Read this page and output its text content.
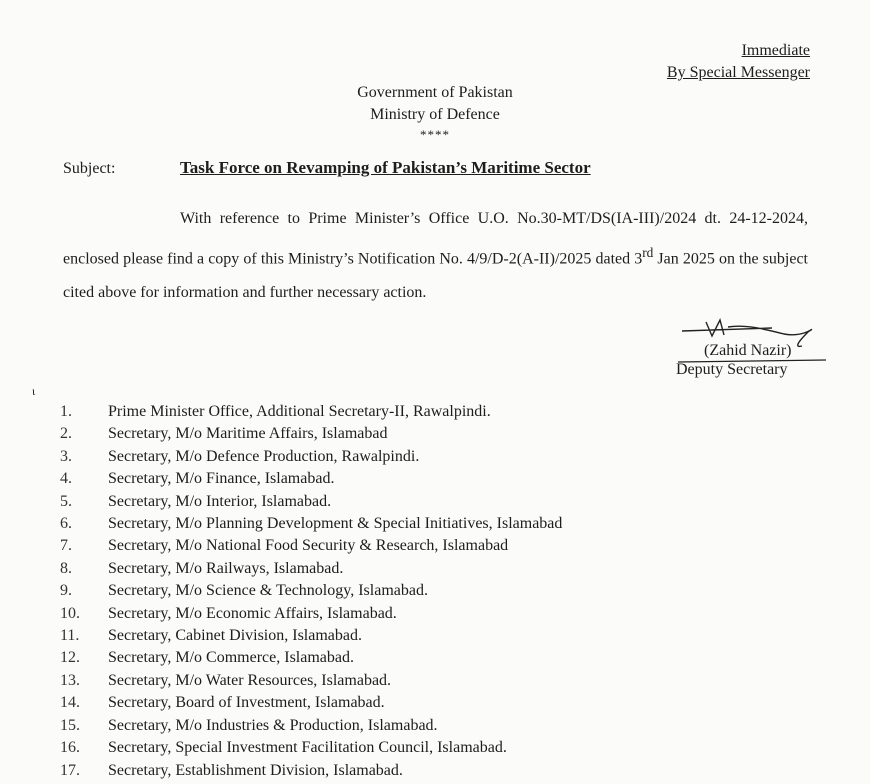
Immediate
By Special Messenger
Government of Pakistan
Ministry of Defence
****
Subject:	Task Force on Revamping of Pakistan’s Maritime Sector
With reference to Prime Minister’s Office U.O. No.30-MT/DS(IA-III)/2024 dt. 24-12-2024, enclosed please find a copy of this Ministry’s Notification No. 4/9/D-2(A-II)/2025 dated 3rd Jan 2025 on the subject cited above for information and further necessary action.
(Zahid Nazir)
Deputy Secretary
ɩ
1.	Prime Minister Office, Additional Secretary-II, Rawalpindi.
2.	Secretary, M/o Maritime Affairs, Islamabad
3.	Secretary, M/o Defence Production, Rawalpindi.
4.	Secretary, M/o Finance, Islamabad.
5.	Secretary, M/o Interior, Islamabad.
6.	Secretary, M/o Planning Development & Special Initiatives, Islamabad
7.	Secretary, M/o National Food Security & Research, Islamabad
8.	Secretary, M/o Railways, Islamabad.
9.	Secretary, M/o Science & Technology, Islamabad.
10.	Secretary, M/o Economic Affairs, Islamabad.
11.	Secretary, Cabinet Division, Islamabad.
12.	Secretary, M/o Commerce, Islamabad.
13.	Secretary, M/o Water Resources, Islamabad.
14.	Secretary, Board of Investment, Islamabad.
15.	Secretary, M/o Industries & Production, Islamabad.
16.	Secretary, Special Investment Facilitation Council, Islamabad.
17.	Secretary, Establishment Division, Islamabad.
